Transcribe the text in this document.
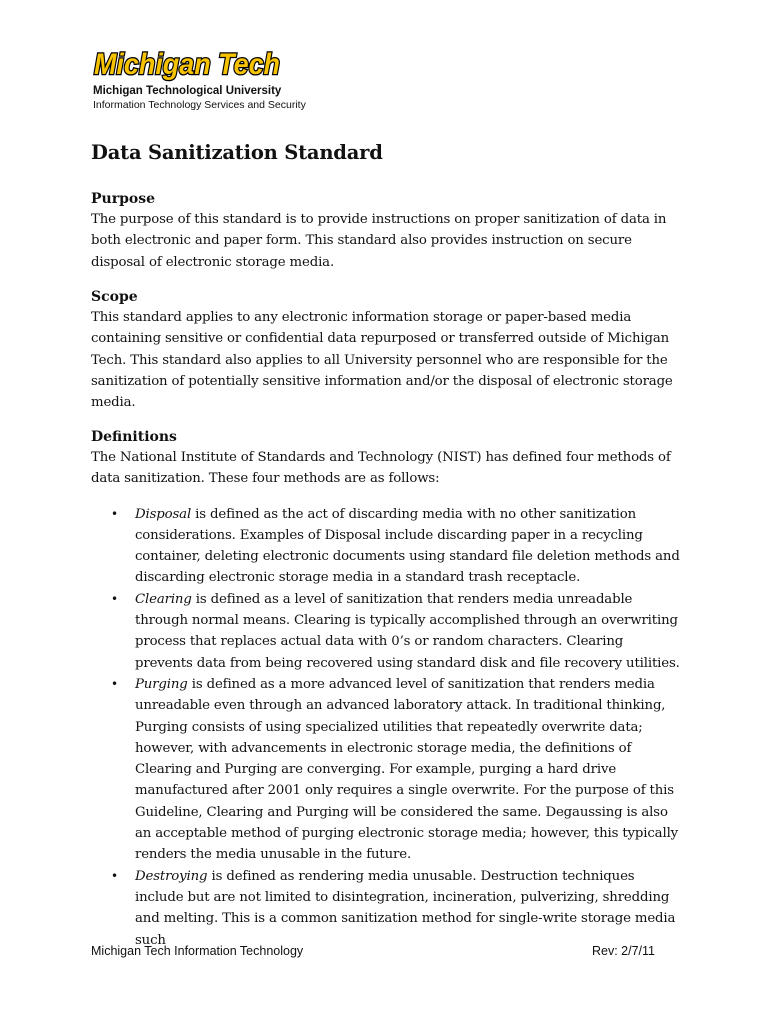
Michigan Tech
Michigan Technological University
Information Technology Services and Security
Data Sanitization Standard
Purpose

The purpose of this standard is to provide instructions on proper sanitization of data in both electronic and paper form. This standard also provides instruction on secure disposal of electronic storage media.

Scope

This standard applies to any electronic information storage or paper-based media containing sensitive or confidential data repurposed or transferred outside of Michigan Tech. This standard also applies to all University personnel who are responsible for the sanitization of potentially sensitive information and/or the disposal of electronic storage media.

Definitions

The National Institute of Standards and Technology (NIST) has defined four methods of data sanitization. These four methods are as follows:

• Disposal is defined as the act of discarding media with no other sanitization considerations. Examples of Disposal include discarding paper in a recycling container, deleting electronic documents using standard file deletion methods and discarding electronic storage media in a standard trash receptacle.
• Clearing is defined as a level of sanitization that renders media unreadable through normal means. Clearing is typically accomplished through an overwriting process that replaces actual data with 0’s or random characters. Clearing prevents data from being recovered using standard disk and file recovery utilities.
• Purging is defined as a more advanced level of sanitization that renders media unreadable even through an advanced laboratory attack. In traditional thinking, Purging consists of using specialized utilities that repeatedly overwrite data; however, with advancements in electronic storage media, the definitions of Clearing and Purging are converging. For example, purging a hard drive manufactured after 2001 only requires a single overwrite. For the purpose of this Guideline, Clearing and Purging will be considered the same. Degaussing is also an acceptable method of purging electronic storage media; however, this typically renders the media unusable in the future.
• Destroying is defined as rendering media unusable. Destruction techniques include but are not limited to disintegration, incineration, pulverizing, shredding and melting. This is a common sanitization method for single-write storage media such
Michigan Tech Information Technology	Rev: 2/7/11
